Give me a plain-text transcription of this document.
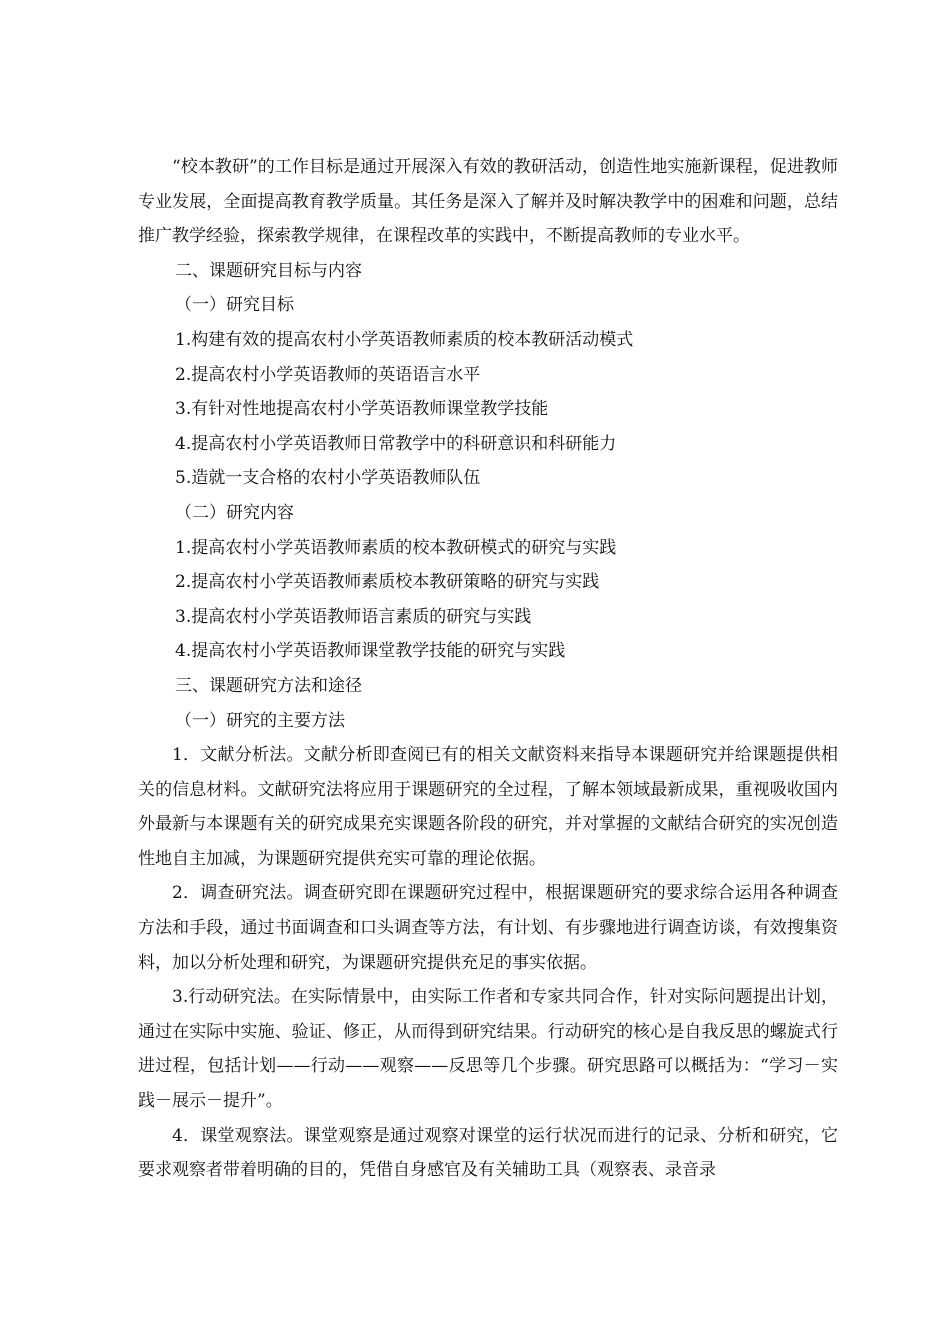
“校本教研”的工作目标是通过开展深入有效的教研活动，创造性地实施新课程，促进教师专业发展，全面提高教育教学质量。其任务是深入了解并及时解决教学中的困难和问题，总结推广教学经验，探索教学规律，在课程改革的实践中，不断提高教师的专业水平。

二、课题研究目标与内容

（一）研究目标

1.构建有效的提高农村小学英语教师素质的校本教研活动模式

2.提高农村小学英语教师的英语语言水平

3.有针对性地提高农村小学英语教师课堂教学技能

4.提高农村小学英语教师日常教学中的科研意识和科研能力

5.造就一支合格的农村小学英语教师队伍

（二）研究内容

1.提高农村小学英语教师素质的校本教研模式的研究与实践

2.提高农村小学英语教师素质校本教研策略的研究与实践

3.提高农村小学英语教师语言素质的研究与实践

4.提高农村小学英语教师课堂教学技能的研究与实践

三、课题研究方法和途径

（一）研究的主要方法

1．文献分析法。文献分析即查阅已有的相关文献资料来指导本课题研究并给课题提供相关的信息材料。文献研究法将应用于课题研究的全过程，了解本领域最新成果，重视吸收国内外最新与本课题有关的研究成果充实课题各阶段的研究，并对掌握的文献结合研究的实况创造性地自主加减，为课题研究提供充实可靠的理论依据。

2．调查研究法。调查研究即在课题研究过程中，根据课题研究的要求综合运用各种调查方法和手段，通过书面调查和口头调查等方法，有计划、有步骤地进行调查访谈，有效搜集资料，加以分析处理和研究，为课题研究提供充足的事实依据。

3.行动研究法。在实际情景中，由实际工作者和专家共同合作，针对实际问题提出计划，通过在实际中实施、验证、修正，从而得到研究结果。行动研究的核心是自我反思的螺旋式行进过程，包括计划——行动——观察——反思等几个步骤。研究思路可以概括为：“学习－实践－展示－提升”。

4．课堂观察法。课堂观察是通过观察对课堂的运行状况而进行的记录、分析和研究，它要求观察者带着明确的目的，凭借自身感官及有关辅助工具（观察表、录音录
